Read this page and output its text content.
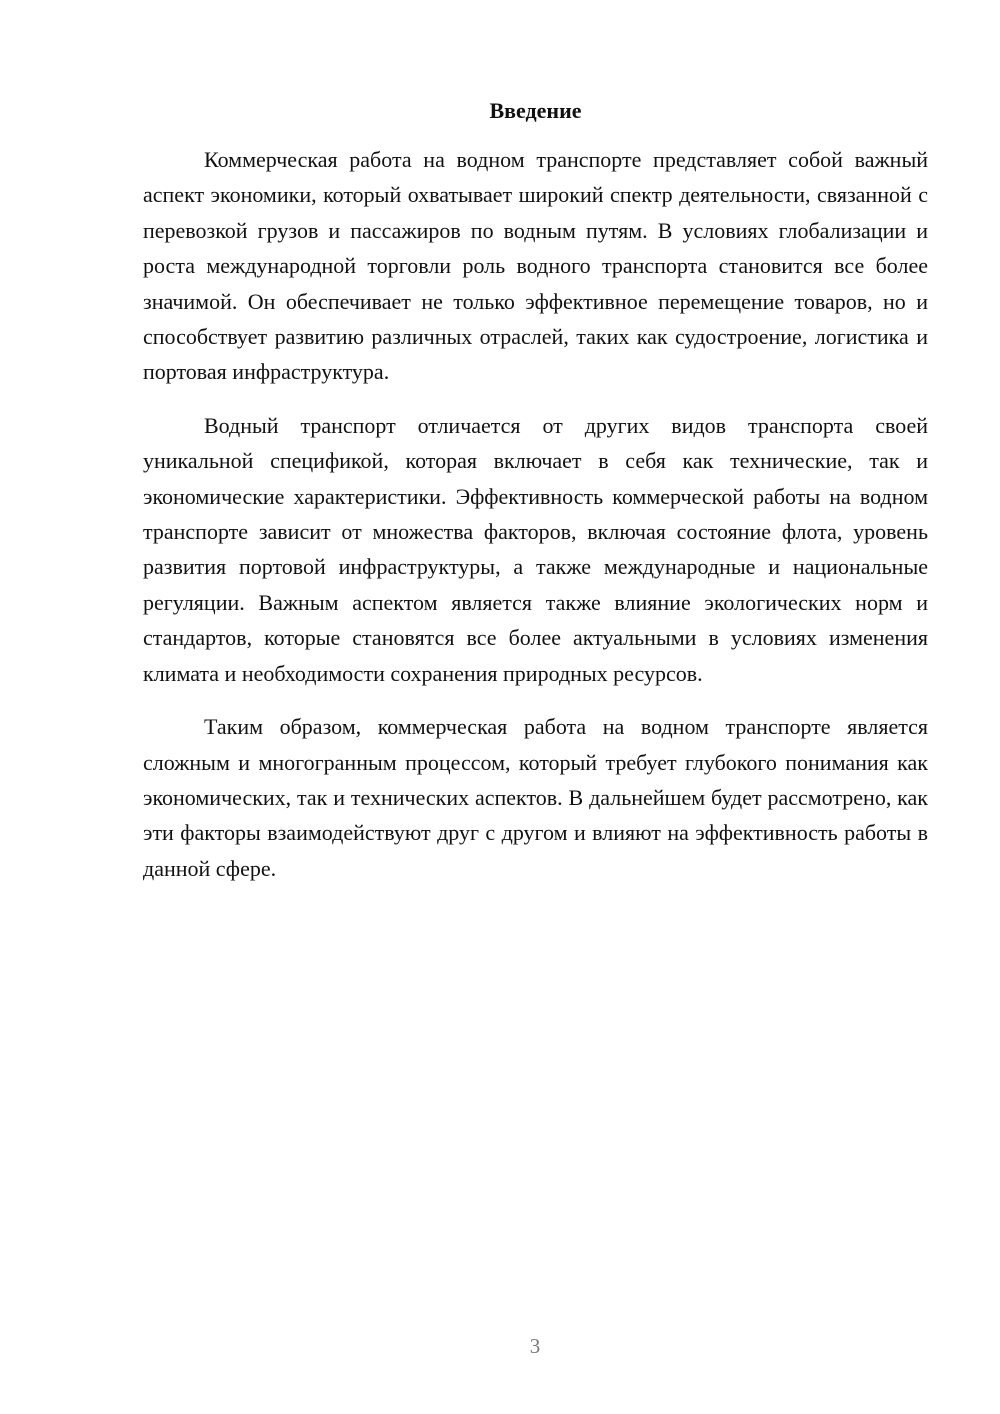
Введение

Коммерческая работа на водном транспорте представляет собой важный аспект экономики, который охватывает широкий спектр деятельности, связанной с перевозкой грузов и пассажиров по водным путям. В условиях глобализации и роста международной торговли роль водного транспорта становится все более значимой. Он обеспечивает не только эффективное перемещение товаров, но и способствует развитию различных отраслей, таких как судостроение, логистика и портовая инфраструктура.

Водный транспорт отличается от других видов транспорта своей уникальной спецификой, которая включает в себя как технические, так и экономические характеристики. Эффективность коммерческой работы на водном транспорте зависит от множества факторов, включая состояние флота, уровень развития портовой инфраструктуры, а также международные и национальные регуляции. Важным аспектом является также влияние экологических норм и стандартов, которые становятся все более актуальными в условиях изменения климата и необходимости сохранения природных ресурсов.

Таким образом, коммерческая работа на водном транспорте является сложным и многогранным процессом, который требует глубокого понимания как экономических, так и технических аспектов. В дальнейшем будет рассмотрено, как эти факторы взаимодействуют друг с другом и влияют на эффективность работы в данной сфере.

3
